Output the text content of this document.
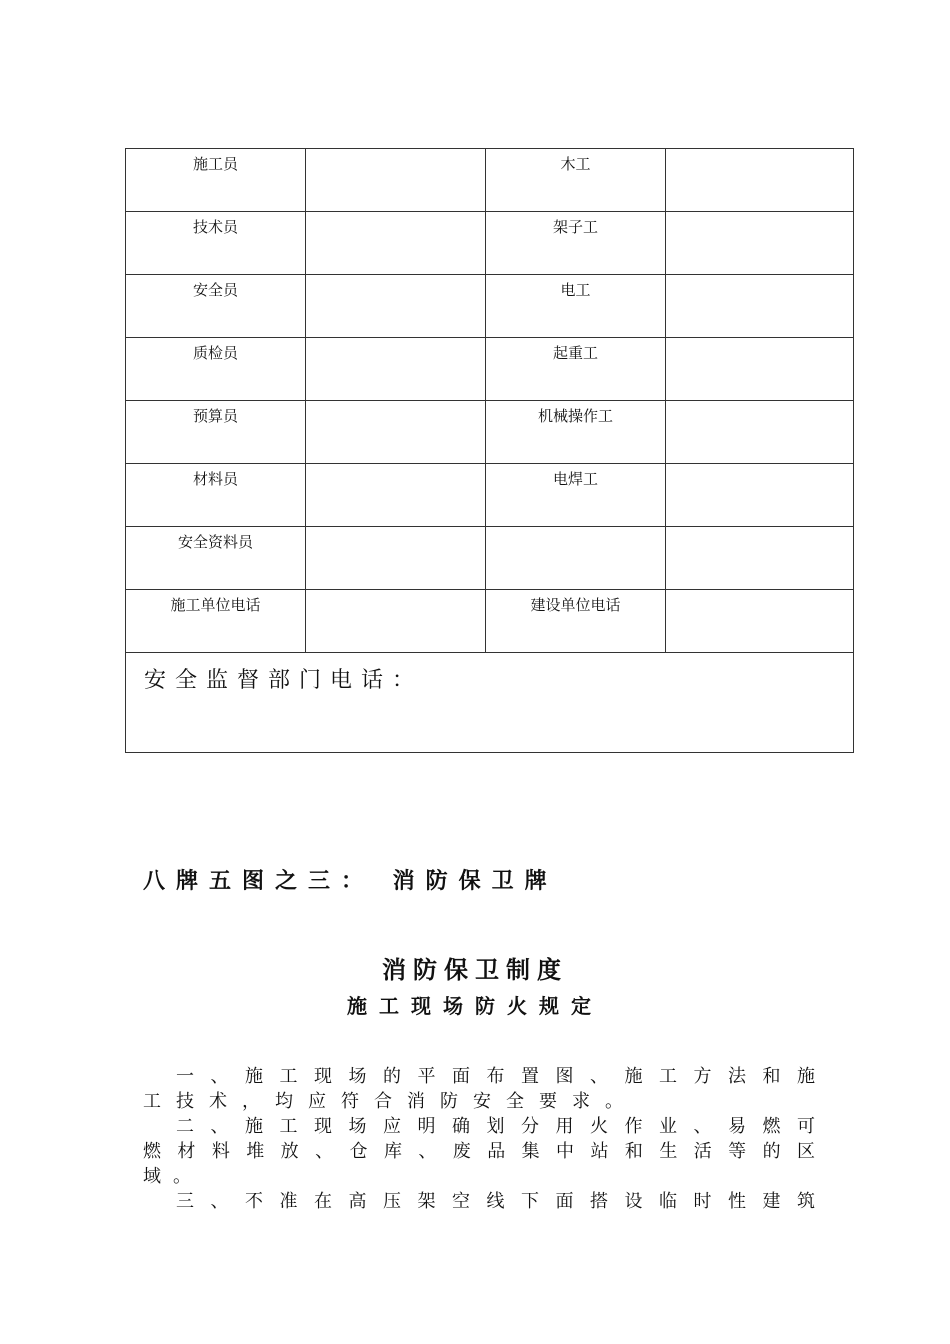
施工员		木工	
技术员		架子工	
安全员		电工	
质检员		起重工	
预算员		机械操作工	
材料员		电焊工	
安全资料员			
施工单位电话		建设单位电话	
安全监督部门电话：			
八牌五图之三： 消防保卫牌
消防保卫制度
施工现场防火规定
一、施工现场的平面布置图、施工方法和施
工技术，均应符合消防安全要求。
二、施工现场应明确划分用火作业、易燃可
燃材料堆放、仓库、废品集中站和生活等的区
域。
三、不准在高压架空线下面搭设临时性建筑
